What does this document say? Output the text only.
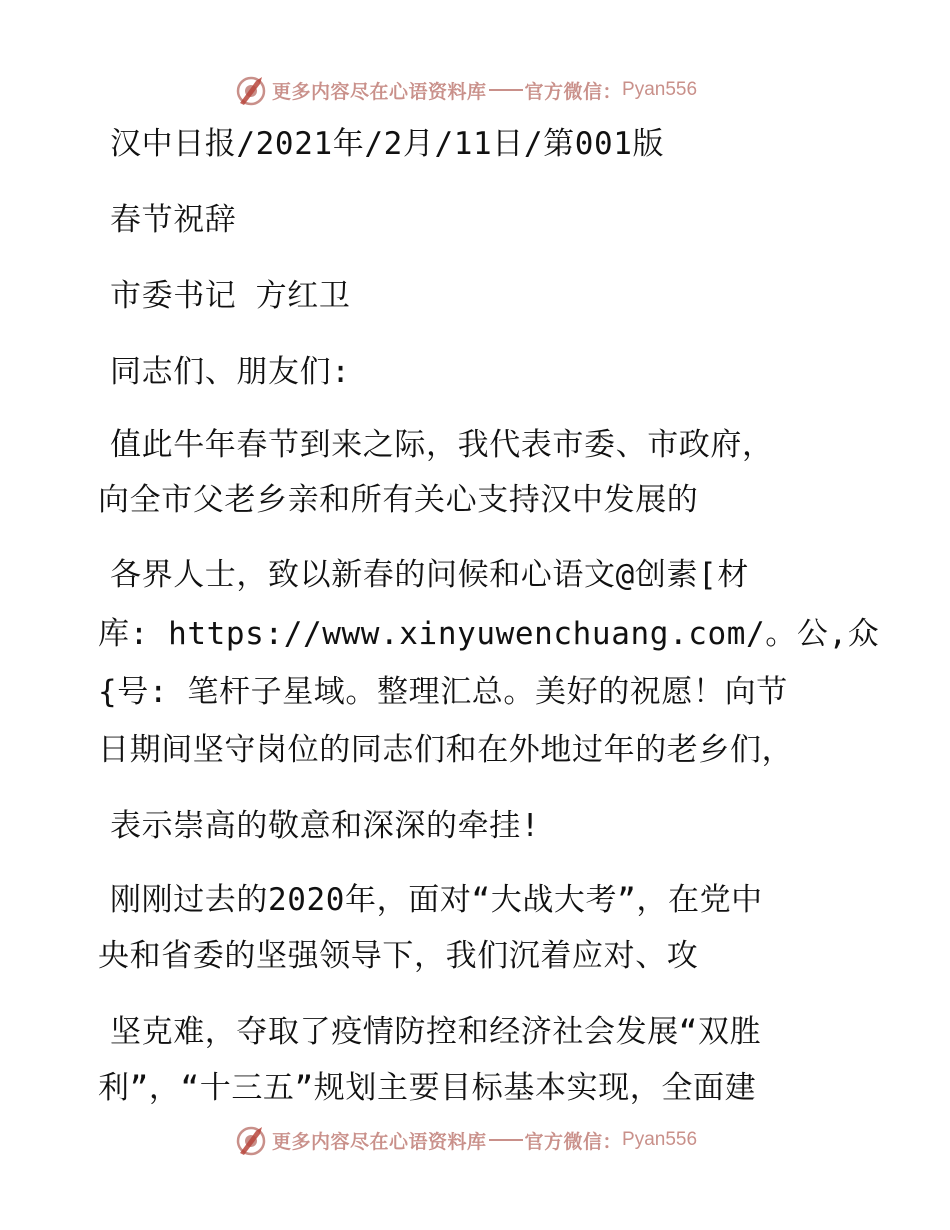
更多内容尽在心语资料库 官方微信： Pyan556
汉中日报/2021年/2月/11日/第001版
春节祝辞
市委书记 方红卫
同志们、朋友们:
值此牛年春节到来之际，我代表市委、市政府，
向全市父老乡亲和所有关心支持汉中发展的
各界人士，致以新春的问候和心语文@创素[材
库: https://www.xinyuwenchuang.com/。公,众
{号: 笔杆子星域。整理汇总。美好的祝愿！向节
日期间坚守岗位的同志们和在外地过年的老乡们，
表示崇高的敬意和深深的牵挂!
刚刚过去的2020年，面对“大战大考”，在党中
央和省委的坚强领导下，我们沉着应对、攻
坚克难，夺取了疫情防控和经济社会发展“双胜
利”，“十三五”规划主要目标基本实现，全面建
更多内容尽在心语资料库 官方微信： Pyan556
